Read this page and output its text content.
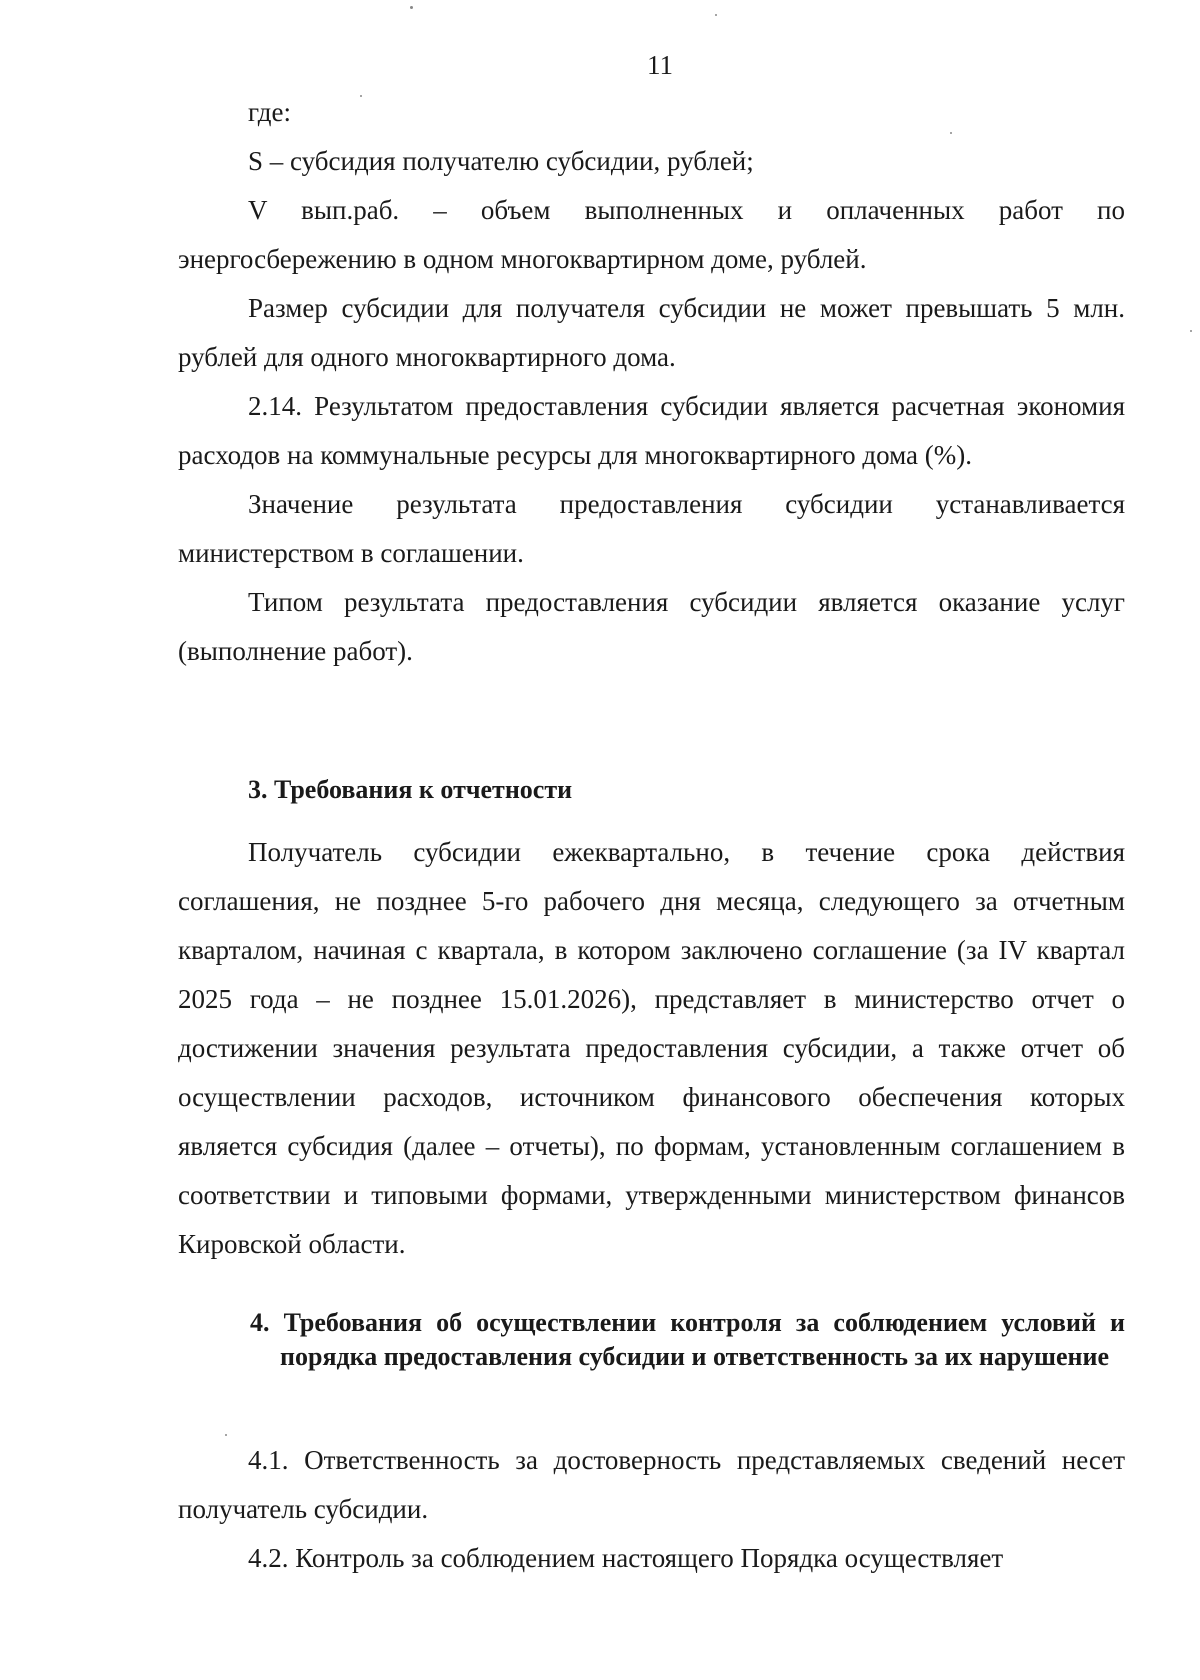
11

где:

S – субсидия получателю субсидии, рублей;

V вып.раб. – объем выполненных и оплаченных работ по энергосбережению в одном многоквартирном доме, рублей.

Размер субсидии для получателя субсидии не может превышать 5 млн. рублей для одного многоквартирного дома.

2.14. Результатом предоставления субсидии является расчетная экономия расходов на коммунальные ресурсы для многоквартирного дома (%).

Значение результата предоставления субсидии устанавливается министерством в соглашении.

Типом результата предоставления субсидии является оказание услуг (выполнение работ).

3. Требования к отчетности

Получатель субсидии ежеквартально, в течение срока действия соглашения, не позднее 5-го рабочего дня месяца, следующего за отчетным кварталом, начиная с квартала, в котором заключено соглашение (за IV квартал 2025 года – не позднее 15.01.2026), представляет в министерство отчет о достижении значения результата предоставления субсидии, а также отчет об осуществлении расходов, источником финансового обеспечения которых является субсидия (далее – отчеты), по формам, установленным соглашением в соответствии и типовыми формами, утвержденными министерством финансов Кировской области.

4. Требования об осуществлении контроля за соблюдением условий и порядка предоставления субсидии и ответственность за их нарушение

4.1. Ответственность за достоверность представляемых сведений несет получатель субсидии.

4.2. Контроль за соблюдением настоящего Порядка осуществляет
